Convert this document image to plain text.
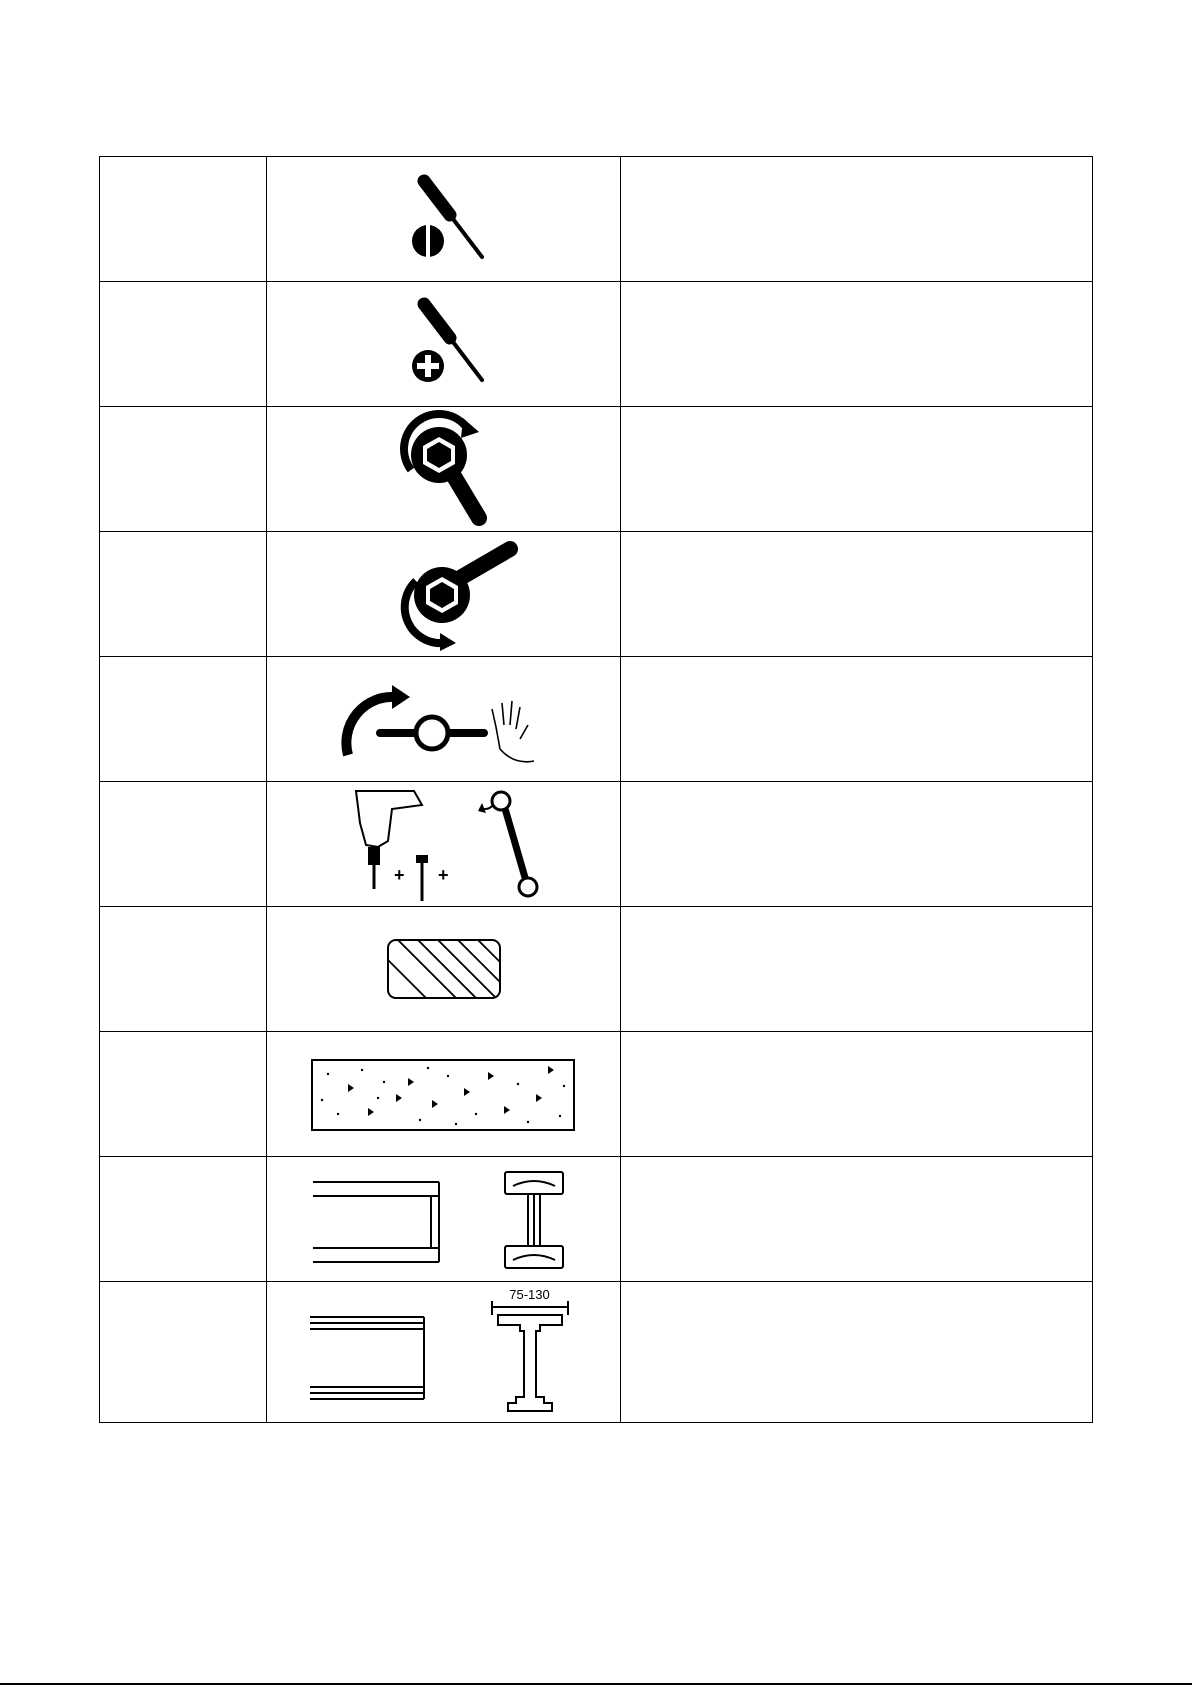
+ +	

	75-130	
